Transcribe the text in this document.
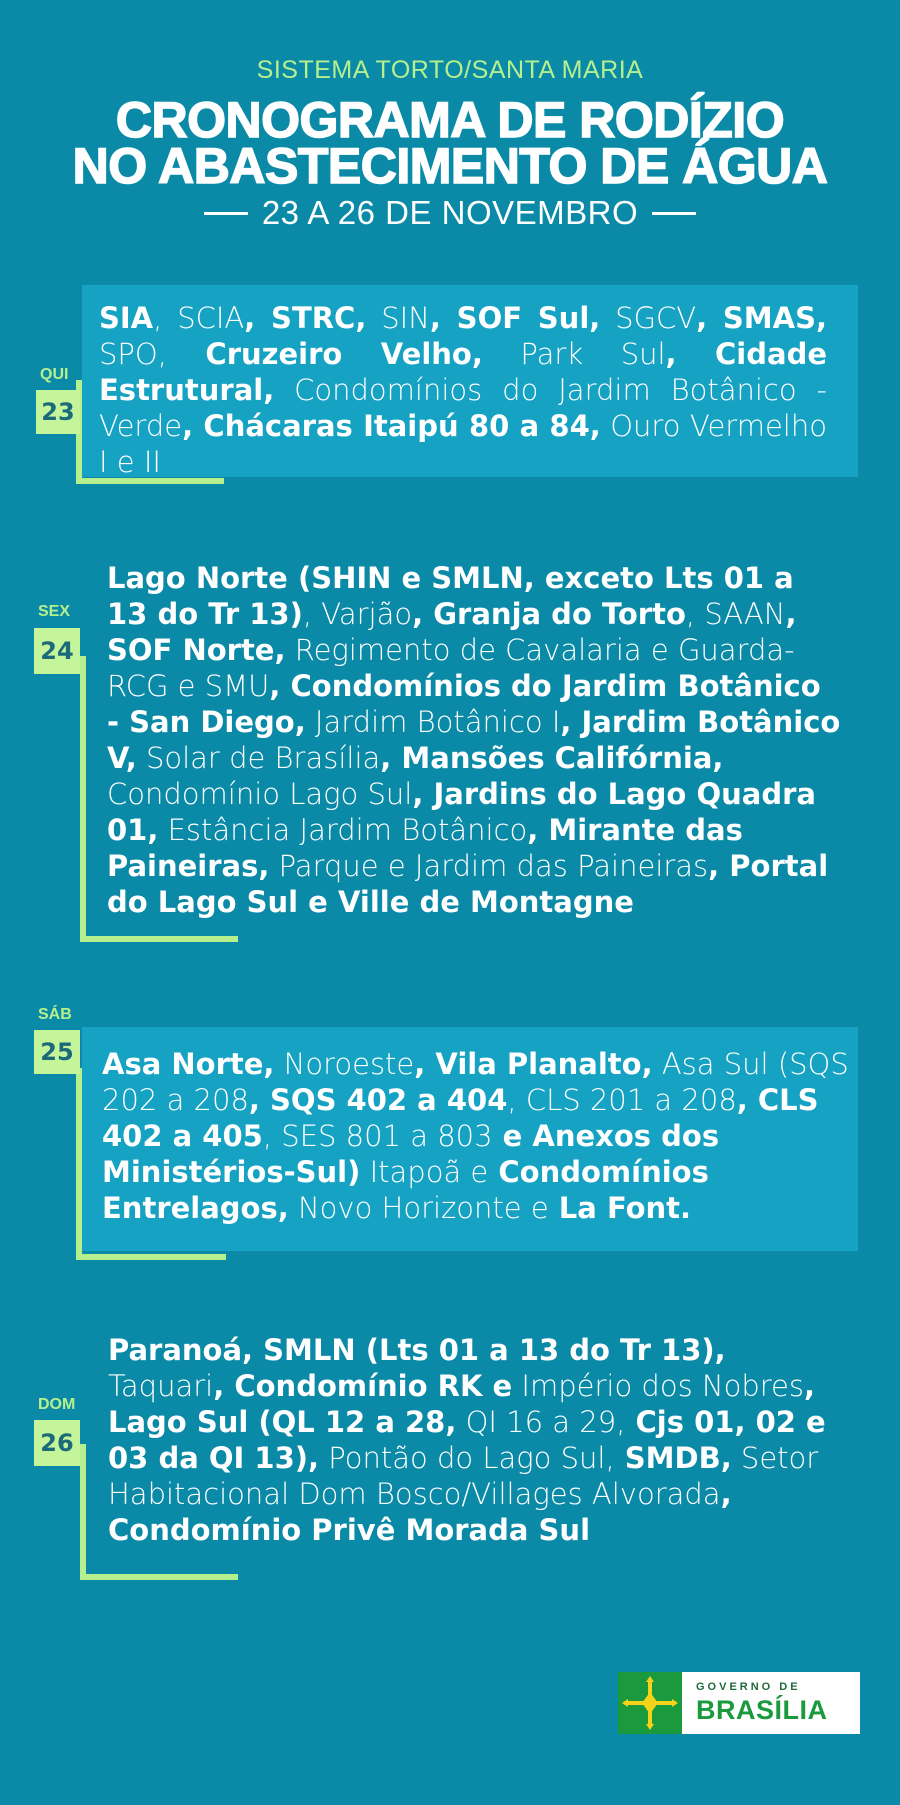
SISTEMA TORTO/SANTA MARIA
CRONOGRAMA DE RODÍZIO
NO ABASTECIMENTO DE ÁGUA
23 A 26 DE NOVEMBRO
QUI
23
SIA, SCIA, STRC, SIN, SOF Sul, SGCV, SMAS, SPO, Cruzeiro Velho, Park Sul, Cidade Estrutural, Condomínios do Jardim Botânico - Verde, Chácaras Itaipú 80 a 84, Ouro Vermelho I e II
SEX
24
Lago Norte (SHIN e SMLN, exceto Lts 01 a 13 do Tr 13), Varjão, Granja do Torto, SAAN, SOF Norte, Regimento de Cavalaria e Guarda-RCG e SMU, Condomínios do Jardim Botânico - San Diego, Jardim Botânico I, Jardim Botânico V, Solar de Brasília, Mansões Califórnia, Condomínio Lago Sul, Jardins do Lago Quadra 01, Estância Jardim Botânico, Mirante das Paineiras, Parque e Jardim das Paineiras, Portal do Lago Sul e Ville de Montagne
SÁB
25 Asa Norte, Noroeste, Vila Planalto, Asa Sul (SQS 202 a 208, SQS 402 a 404, CLS 201 a 208, CLS 402 a 405, SES 801 a 803 e Anexos dos Ministérios-Sul) Itapoã e Condomínios Entrelagos, Novo Horizonte e La Font.
DOM
26
Paranoá, SMLN (Lts 01 a 13 do Tr 13), Taquari, Condomínio RK e Império dos Nobres, Lago Sul (QL 12 a 28, QI 16 a 29, Cjs 01, 02 e 03 da QI 13), Pontão do Lago Sul, SMDB, Setor Habitacional Dom Bosco/Villages Alvorada, Condomínio Privê Morada Sul
GOVERNO DE
BRASÍLIA
